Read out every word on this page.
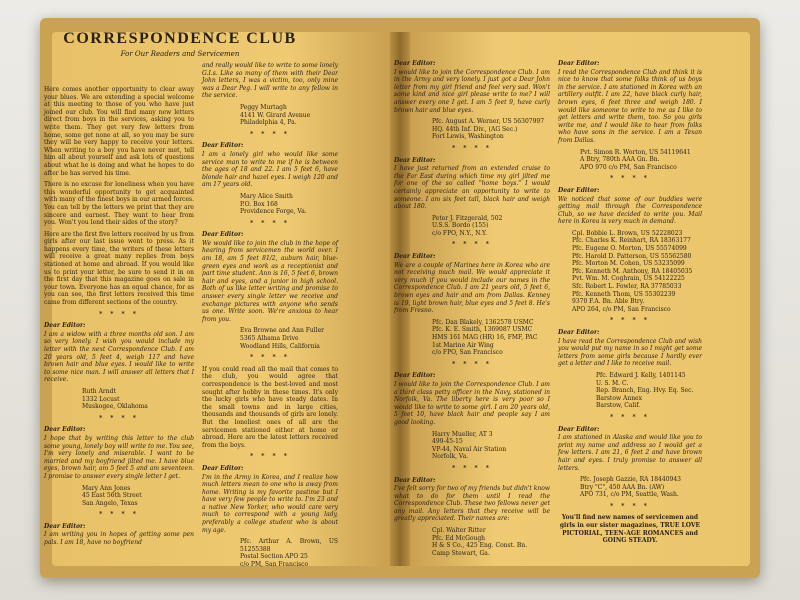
CORRESPONDENCE CLUB
For Our Readers and Servicemen

Here comes another opportunity to clear away your blues. We are extending a special welcome at this meeting to those of you who have just joined our club. You will find many new letters direct from boys in the services, asking you to write them. They get very few letters from home, some get none at all, so you may be sure they will be very happy to receive your letters. When writing to a boy you have never met, tell him all about yourself and ask lots of questions about what he is doing and what he hopes to do after he has served his time.

There is no excuse for loneliness when you have this wonderful opportunity to get acquainted with many of the finest boys in our armed forces. You can tell by the letters we print that they are sincere and earnest. They want to hear from you. Won't you lend their sides of the story?

Here are the first five letters received by us from girls after our last issue went to press. As it happens every time, the writers of these letters will receive a great many replies from boys stationed at home and abroad. If you would like us to print your letter, be sure to send it in on the first day that this magazine goes on sale in your town. Everyone has an equal chance, for as you can see, the first letters received this time came from different sections of the country.

* * * *
Dear Editor:

I am a widow with a three months old son. I am so very lonely. I wish you would include my letter with the next Correspondence Club. I am 20 years old, 5 feet 4, weigh 117 and have brown hair and blue eyes. I would like to write to some nice man. I will answer all letters that I receive.

Ruth Arndt
1332 Locust
Muskogee, Oklahoma

* * * *
Dear Editor:

I hope that by writing this letter to the club some young, lonely boy will write to me. You see, I'm very lonely and miserable. I want to be married and my boyfriend jilted me. I have blue eyes, brown hair, am 5 feet 5 and am seventeen. I promise to answer every single letter I get.

Mary Ann Jones
45 East 56th Street
San Angelo, Texas

* * * *
Dear Editor:

I am writing you in hopes of getting some pen pals. I am 18, have no boyfriend

and really would like to write to some lonely G.I.s. Like so many of them with their Dear John letters, I was a victim, too, only mine was a Dear Peg. I will write to any fellow in the service.

Peggy Murtagh
4141 W. Girard Avenue
Philadelphia 4, Pa.

* * * *
Dear Editor:

I am a lonely girl who would like some service man to write to me if he is between the ages of 18 and 22. I am 5 feet 6, have blonde hair and hazel eyes. I weigh 120 and am 17 years old.

Mary Alice Smith
P.O. Box 168
Providence Forge, Va.

* * * *
Dear Editor:

We would like to join the club in the hope of hearing from servicemen the world over. I am 18, am 5 feet 81/2, auburn hair, blue-green eyes and work as a receptionist and part time student. Ann is 16, 5 feet 6, brown hair and eyes, and a junior in high school. Both of us like letter writing and promise to answer every single letter we receive and exchange pictures with anyone who sends us one. Write soon. We're anxious to hear from you.

Eva Browne and Ann Fuller
5365 Alhama Drive
Woodland Hills, California

* * * *

If you could read all the mail that comes to the club, you would agree that correspondence is the best-loved and most sought after hobby in these times. It's only the lucky girls who have steady dates. In the small towns and in large cities, thousands and thousands of girls are lonely. But the loneliest ones of all are the servicemen stationed either at home or abroad. Here are the latest letters received from the boys.

* * * *
Dear Editor:

I'm in the Army in Korea, and I realize how much letters mean to one who is away from home. Writing is my favorite pastime but I have very few people to write to. I'm 23 and a native New Yorker, who would care very much to correspond with a young lady, preferably a college student who is about my age.

Pfc. Arthur A. Brown, US 51255388
Postal Section APO 25
c/o PM, San Francisco

Dear Editor:

I would like to join the Correspondence Club. I am in the Army and very lonely. I just got a Dear John letter from my girl friend and feel very sad. Won't some kind and nice girl please write to me? I will answer every one I get. I am 5 feet 9, have curly brown hair and blue eyes.

Pfc. August A. Werner, US 56307997
HQ. 44th Inf. Div., (AG Sec.)
Fort Lewis, Washington

* * * *
Dear Editor:

I have just returned from an extended cruise to the Far East during which time my girl jilted me for one of the so called "home boys." I would certainly appreciate an opportunity to write to someone. I am six feet tall, black hair and weigh about 180.

Peter J. Fitzgerald, 502
U.S.S. Bordo (155)
c/o FPO, N.Y., N.Y.

* * * *
Dear Editor:

We are a couple of Marines here in Korea who are not receiving much mail. We would appreciate it very much if you would include our names in the Correspondence Club. I am 21 years old, 5 feet 6, brown eyes and hair and am from Dallas. Kenney is 19, light brown hair, blue eyes and 5 feet 8. He's from Fresno.

Pfc. Dan Blakely, 1362578 USMC
Pfc. K. E. Smith, 1369087 USMC
HMS 161 MAG (HR) 16, FMF, PAC
1st Marine Air Wing
c/o FPO, San Francisco

* * * *
Dear Editor:

I would like to join the Correspondence Club. I am a third class petty officer in the Navy, stationed in Norfolk, Va. The liberty here is very poor so I would like to write to some girl. I am 20 years old, 5 feet 10, have black hair and people say I am good looking.

Harry Mueller, AT 3
499-45-15
VP-44, Naval Air Station
Norfolk, Va.

* * * *
Dear Editor:

I've felt sorry for two of my friends but didn't know what to do for them until I read the Correspondence Club. These two fellows never get any mail. Any letters that they receive will be greatly appreciated. Their names are:

Cpl. Walter Ritter
Pfc. Ed McGough
H & S Co., 425 Eng. Const. Bn.
Camp Stewart, Ga.

Dear Editor:

I read the Correspondence Club and think it is nice to know that some folks think of us boys in the service. I am stationed in Korea with an artillery outfit. I am 22, have black curly hair, brown eyes, 6 feet three and weigh 180. I would like someone to write to me as I like to get letters and write them, too. So you girls write me, and I would like to hear from folks who have sons in the service. I am a Texan from Dallas.

Pvt. Simon R. Worton, US 54119641
A Btry, 780th AAA Gn. Bn.
APO 970 c/o PM, San Francisco

* * * *
Dear Editor:

We noticed that some of our buddies were getting mail through the Correspondence Club, so we have decided to write you. Mail here in Korea is very much in demand.

Cpl. Bobbie L. Brown, US 52228023
Pfc. Charles K. Reinhart, RA 18363177
Pfc. Eugene O. Morton, US 55574099
Pfc. Harold D. Patterson, US 55562580
Pfc. Morton M. Cohen, US 53235099
Pfc. Kenneth M. Anthony, RA 18405035
Pvt. Wm. M. Coghrain, US 54122225
Sfc. Robert L. Fowler, RA 37785033
Pfc. Kenneth Thom, US 55302239
9370 F.A. Bn. Able Btry.
APO 264, c/o PM, San Francisco

* * * *
Dear Editor:

I have read the Correspondence Club and wish you would put my name in so I might get some letters from some girls because I hardly ever get a letter and I like to receive mail.

Pfc. Edward J. Kelly, 1401145
U. S. M. C.
Rep. Branch, Eng. Hvy. Eq. Sec.
Barstow Annex
Barstow, Calif.

* * * *
Dear Editor:

I am stationed in Alaska and would like you to print my name and address so I would get a few letters. I am 21, 6 feet 2 and have brown hair and eyes. I truly promise to answer all letters.

Pfc. Joseph Gazzie, RA 18440943
Btry "C", 450 AAA Bn. (AW)
APO 731, c/o PM, Seattle, Wash.

* * * *

You'll find new names of servicemen and girls in our sister magazines, TRUE LOVE PICTORIAL, TEEN-AGE ROMANCES and GOING STEADY.
